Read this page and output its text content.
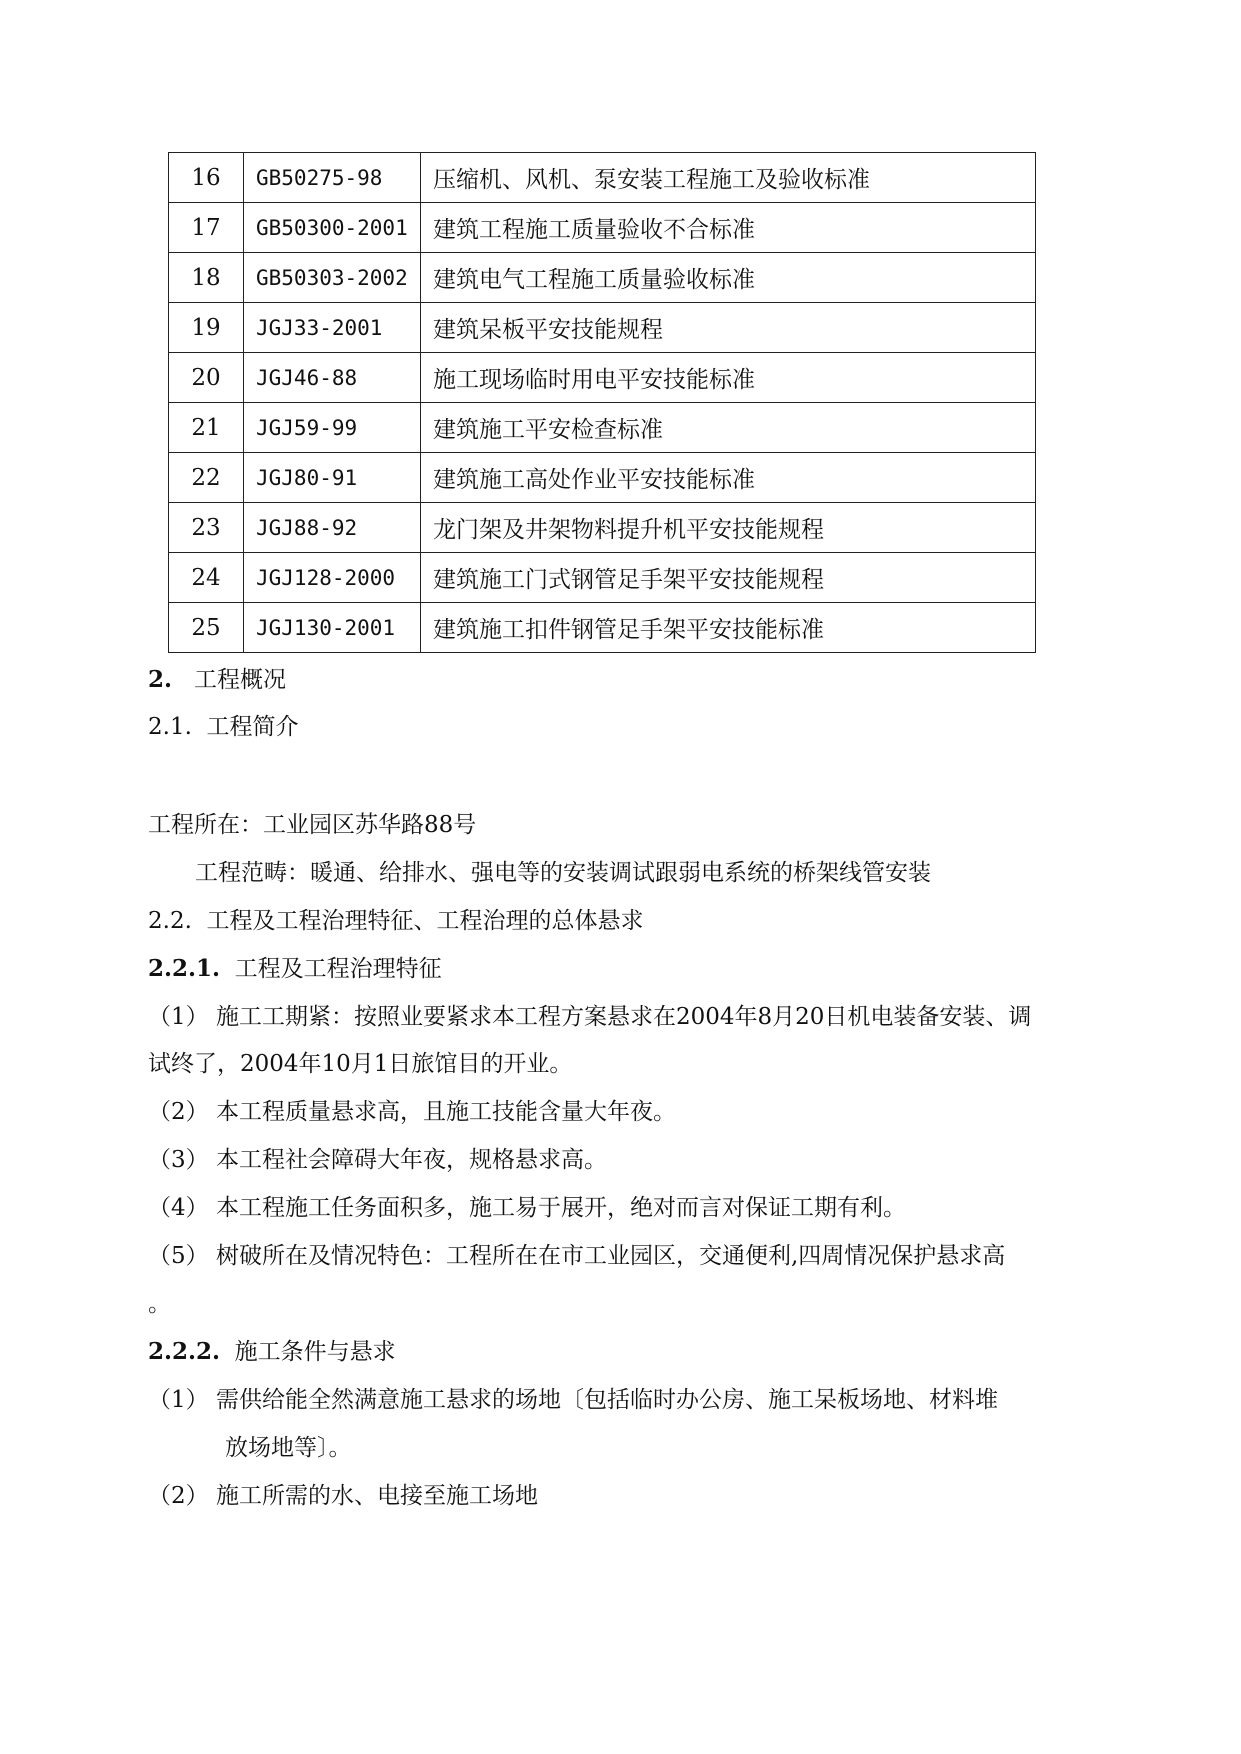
16	GB50275-98	压缩机、风机、泵安装工程施工及验收标准
17	GB50300-2001	建筑工程施工质量验收不合标准
18	GB50303-2002	建筑电气工程施工质量验收标准
19	JGJ33-2001	建筑呆板平安技能规程
20	JGJ46-88	施工现场临时用电平安技能标准
21	JGJ59-99	建筑施工平安检查标准
22	JGJ80-91	建筑施工高处作业平安技能标准
23	JGJ88-92	龙门架及井架物料提升机平安技能规程
24	JGJ128-2000	建筑施工门式钢管足手架平安技能规程
25	JGJ130-2001	建筑施工扣件钢管足手架平安技能标准
2. 工程概况
2.1. 工程简介
工程所在：工业园区苏华路88号
工程范畴：暖通、给排水、强电等的安装调试跟弱电系统的桥架线管安装
2.2. 工程及工程治理特征、工程治理的总体悬求
2.2.1. 工程及工程治理特征
（1） 施工工期紧：按照业要紧求本工程方案悬求在2004年8月20日机电装备安装、调
试终了，2004年10月1日旅馆目的开业。
（2） 本工程质量悬求高，且施工技能含量大年夜。
（3） 本工程社会障碍大年夜，规格悬求高。
（4） 本工程施工任务面积多，施工易于展开，绝对而言对保证工期有利。
（5） 树破所在及情况特色：工程所在在市工业园区，交通便利,四周情况保护悬求高
。
2.2.2. 施工条件与悬求
（1） 需供给能全然满意施工悬求的场地〔包括临时办公房、施工呆板场地、材料堆
放场地等〕。
（2） 施工所需的水、电接至施工场地
